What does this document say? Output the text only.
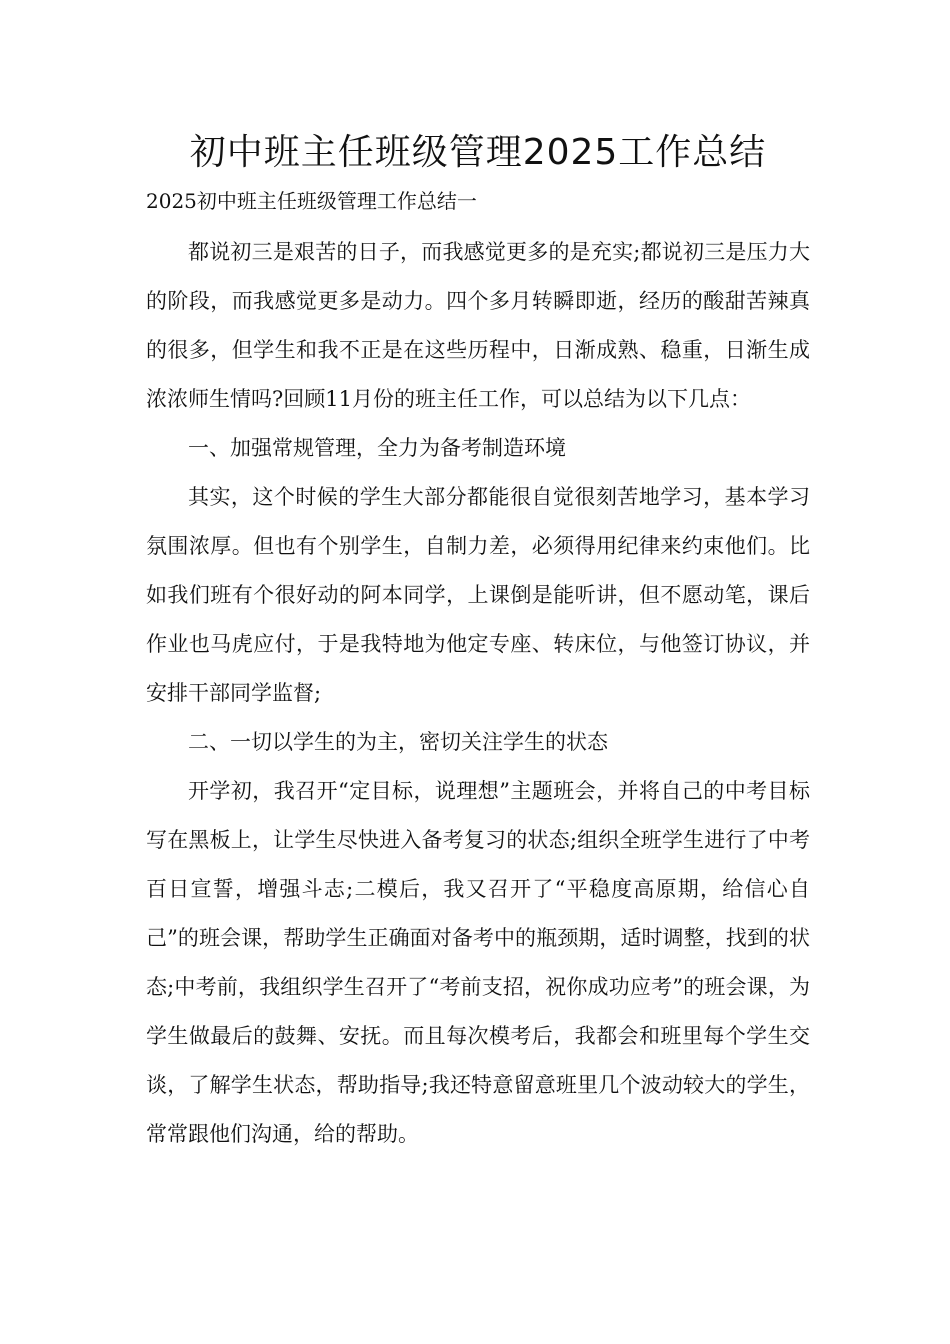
初中班主任班级管理2025工作总结
2025初中班主任班级管理工作总结一

都说初三是艰苦的日子，而我感觉更多的是充实;都说初三是压力大的阶段，而我感觉更多是动力。四个多月转瞬即逝，经历的酸甜苦辣真的很多，但学生和我不正是在这些历程中，日渐成熟、稳重，日渐生成浓浓师生情吗?回顾11月份的班主任工作，可以总结为以下几点：

一、加强常规管理，全力为备考制造环境

其实，这个时候的学生大部分都能很自觉很刻苦地学习，基本学习氛围浓厚。但也有个别学生，自制力差，必须得用纪律来约束他们。比如我们班有个很好动的阿本同学，上课倒是能听讲，但不愿动笔，课后作业也马虎应付，于是我特地为他定专座、转床位，与他签订协议，并安排干部同学监督;

二、一切以学生的为主，密切关注学生的状态

开学初，我召开“定目标，说理想”主题班会，并将自己的中考目标写在黑板上，让学生尽快进入备考复习的状态;组织全班学生进行了中考百日宣誓，增强斗志;二模后，我又召开了“平稳度高原期，给信心自己”的班会课，帮助学生正确面对备考中的瓶颈期，适时调整，找到的状态;中考前，我组织学生召开了“考前支招，祝你成功应考”的班会课，为学生做最后的鼓舞、安抚。而且每次模考后，我都会和班里每个学生交谈，了解学生状态，帮助指导;我还特意留意班里几个波动较大的学生，常常跟他们沟通，给的帮助。
